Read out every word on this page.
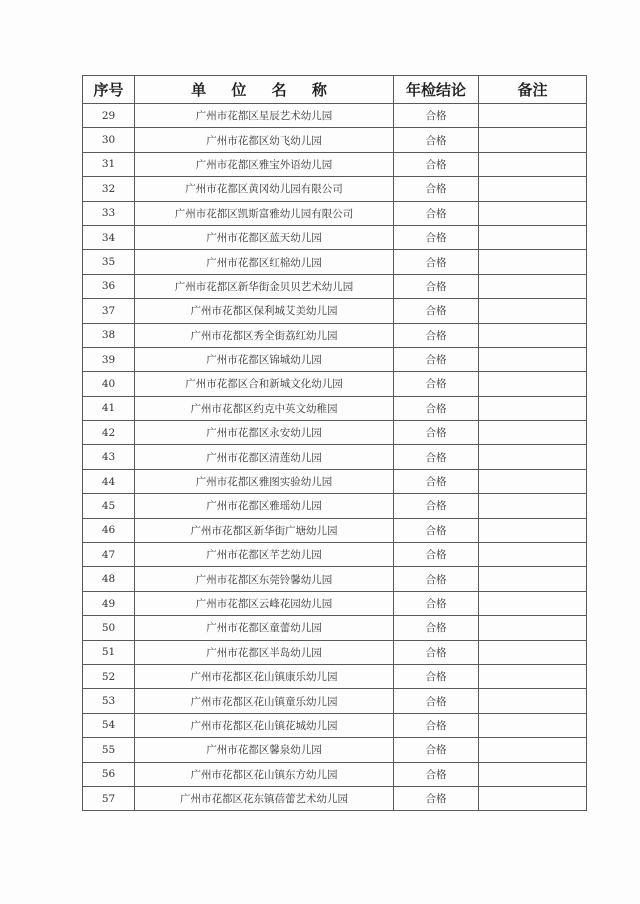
序号	单 位 名 称	年检结论	备注
29	广州市花都区星辰艺术幼儿园	合格	
30	广州市花都区幼飞幼儿园	合格	
31	广州市花都区雅宝外语幼儿园	合格	
32	广州市花都区黄冈幼儿园有限公司	合格	
33	广州市花都区凯斯富雅幼儿园有限公司	合格	
34	广州市花都区蓝天幼儿园	合格	
35	广州市花都区红棉幼儿园	合格	
36	广州市花都区新华街金贝贝艺术幼儿园	合格	
37	广州市花都区保利城艾美幼儿园	合格	
38	广州市花都区秀全街荔红幼儿园	合格	
39	广州市花都区锦城幼儿园	合格	
40	广州市花都区合和新城文化幼儿园	合格	
41	广州市花都区约克中英文幼稚园	合格	
42	广州市花都区永安幼儿园	合格	
43	广州市花都区清莲幼儿园	合格	
44	广州市花都区雅图实验幼儿园	合格	
45	广州市花都区雅瑶幼儿园	合格	
46	广州市花都区新华街广塘幼儿园	合格	
47	广州市花都区芊艺幼儿园	合格	
48	广州市花都区东莞铃馨幼儿园	合格	
49	广州市花都区云峰花园幼儿园	合格	
50	广州市花都区童蕾幼儿园	合格	
51	广州市花都区半岛幼儿园	合格	
52	广州市花都区花山镇康乐幼儿园	合格	
53	广州市花都区花山镇童乐幼儿园	合格	
54	广州市花都区花山镇花城幼儿园	合格	
55	广州市花都区馨泉幼儿园	合格	
56	广州市花都区花山镇东方幼儿园	合格	
57	广州市花都区花东镇蓓蕾艺术幼儿园	合格	
